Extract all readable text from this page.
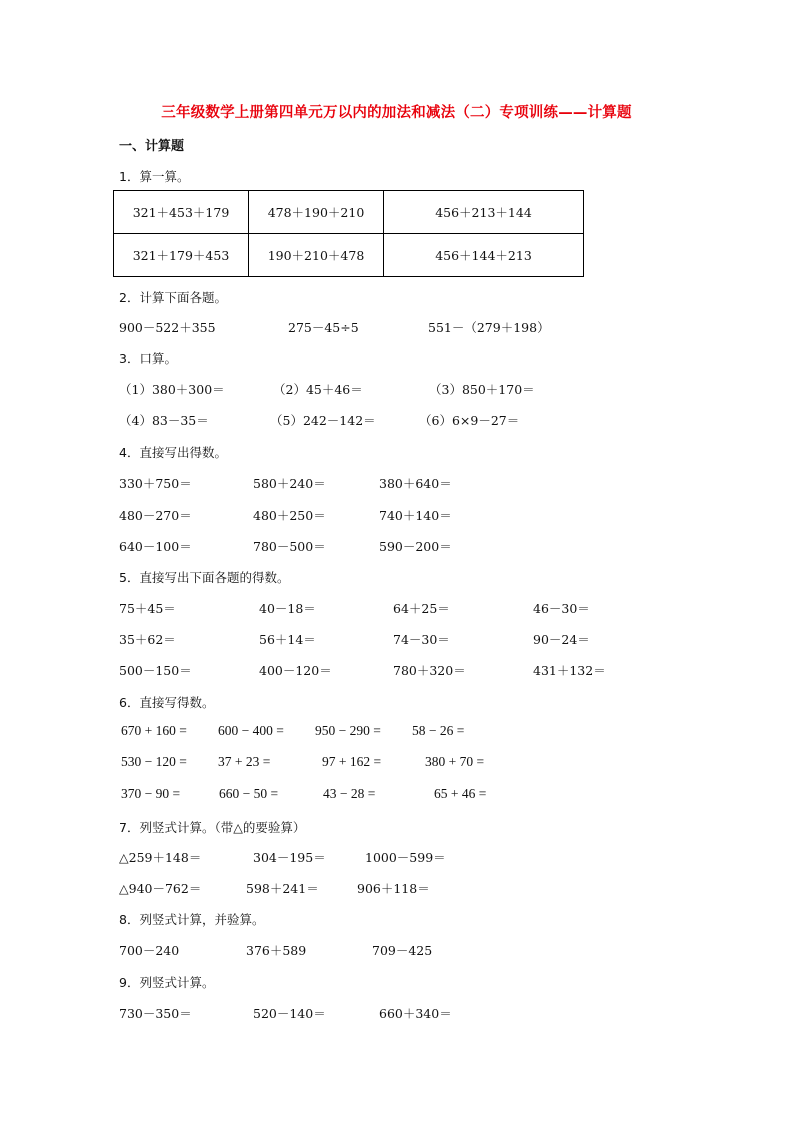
三年级数学上册第四单元万以内的加法和减法（二）专项训练——计算题
一、计算题
1．算一算。
321＋453＋179	478＋190＋210	456＋213＋144
321＋179＋453	190＋210＋478	456＋144＋213
2．计算下面各题。
900－522＋355	275－45÷5	551－（279＋198）
3．口算。
（1）380＋300＝	（2）45＋46＝	（3）850＋170＝
（4）83－35＝	（5）242－142＝	（6）6×9－27＝
4．直接写出得数。
330＋750＝	580＋240＝	380＋640＝
480－270＝	480＋250＝	740＋140＝
640－100＝	780－500＝	590－200＝
5．直接写出下面各题的得数。
75＋45＝	40－18＝	64＋25＝	46－30＝
35＋62＝	56＋14＝	74－30＝	90－24＝
500－150＝	400－120＝	780＋320＝	431＋132＝
6．直接写得数。
670 + 160 = 600 − 400 = 950 − 290 = 58 − 26 =
530 − 120 = 37 + 23 =	97 + 162 =	380 + 70 =
370 − 90 =	660 − 50 =	43 − 28 =	65 + 46 =
7．列竖式计算。（带△的要验算）
△259＋148＝	304－195＝	1000－599＝
△940－762＝	598＋241＝	906＋118＝
8．列竖式计算，并验算。
700－240	376＋589	709－425
9．列竖式计算。
730－350＝	520－140＝	660＋340＝
